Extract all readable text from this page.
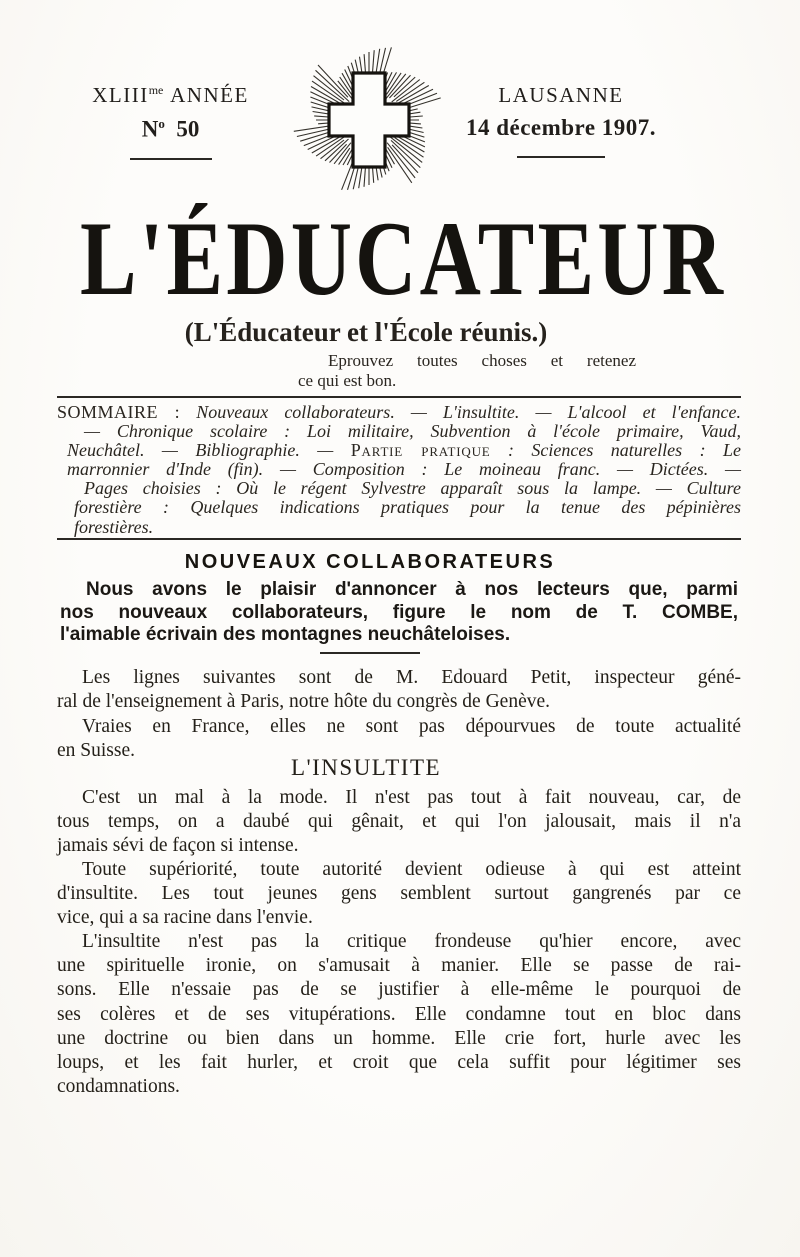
$XLIII^{me}$ ANNÉE
$N^o$ 50
LAUSANNE
14 décembre 1907.
L'ÉDUCATEUR
(L'Éducateur et l'École réunis.)
Eprouvez toutes choses et retenez
ce qui est bon.
SOMMAIRE : Nouveaux collaborateurs. — L'insultite. — L'alcool et l'enfance.
— Chronique scolaire : Loi militaire, Subvention à l'école primaire, Vaud,
Neuchâtel. — Bibliographie. — Partie pratique : Sciences naturelles : Le
marronnier d'Inde (fin). — Composition : Le moineau franc. — Dictées. —
Pages choisies : Où le régent Sylvestre apparaît sous la lampe. — Culture
forestière : Quelques indications pratiques pour la tenue des pépinières
forestières.
NOUVEAUX COLLABORATEURS
Nous avons le plaisir d'annoncer à nos lecteurs que, parmi
nos nouveaux collaborateurs, figure le nom de T. COMBE,
l'aimable écrivain des montagnes neuchâteloises.
Les lignes suivantes sont de M. Edouard Petit, inspecteur géné-
ral de l'enseignement à Paris, notre hôte du congrès de Genève.
Vraies en France, elles ne sont pas dépourvues de toute actualité
en Suisse.
L'INSULTITE
C'est un mal à la mode. Il n'est pas tout à fait nouveau, car, de
tous temps, on a daubé qui gênait, et qui l'on jalousait, mais il n'a
jamais sévi de façon si intense.
Toute supériorité, toute autorité devient odieuse à qui est atteint
d'insultite. Les tout jeunes gens semblent surtout gangrenés par ce
vice, qui a sa racine dans l'envie.
L'insultite n'est pas la critique frondeuse qu'hier encore, avec
une spirituelle ironie, on s'amusait à manier. Elle se passe de rai-
sons. Elle n'essaie pas de se justifier à elle-même le pourquoi de
ses colères et de ses vitupérations. Elle condamne tout en bloc dans
une doctrine ou bien dans un homme. Elle crie fort, hurle avec les
loups, et les fait hurler, et croit que cela suffit pour légitimer ses
condamnations.
